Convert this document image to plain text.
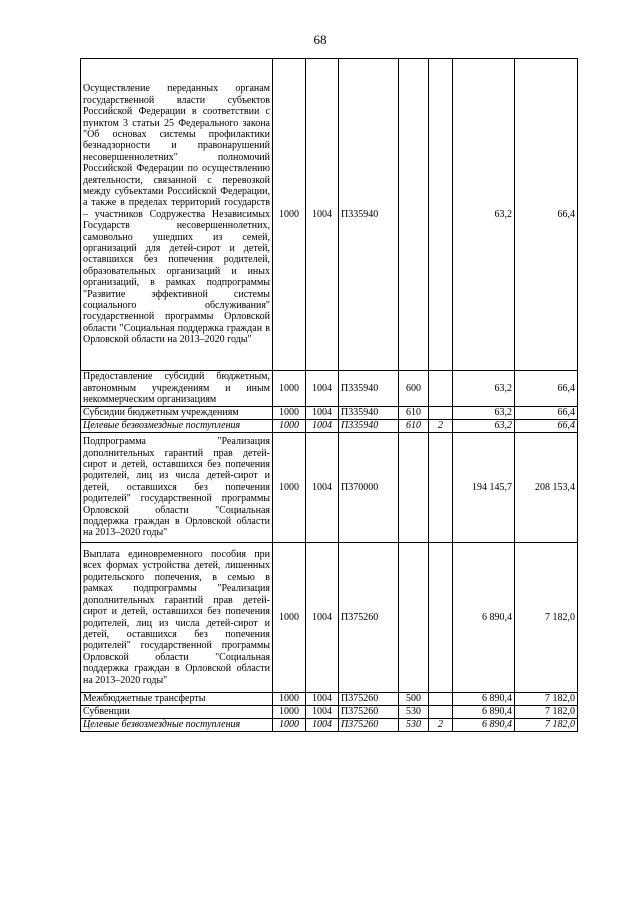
68
Осуществление переданных органам государственной власти субъектов Российской Федерации в соответствии с пунктом 3 статьи 25 Федерального закона "Об основах системы профилактики безнадзорности и правонарушений несовершеннолетних" полномочий Российской Федерации по осуществлению деятельности, связанной с перевозкой между субъектами Российской Федерации, а также в пределах территорий государств – участников Содружества Независимых Государств несовершеннолетних, самовольно ушедших из семей, организаций для детей-сирот и детей, оставшихся без попечения родителей, образовательных организаций и иных организаций, в рамках подпрограммы "Развитие эффективной системы социального обслуживания" государственной программы Орловской области "Социальная поддержка граждан в Орловской области на 2013–2020 годы"	1000	1004	П335940			63,2	66,4
Предоставление субсидий бюджетным, автономным учреждениям и иным некоммерческим организациям	1000	1004	П335940	600		63,2	66,4
Субсидии бюджетным учреждениям	1000	1004	П335940	610		63,2	66,4
Целевые безвозмездные поступления	1000	1004	П335940	610	2	63,2	66,4
Подпрограмма "Реализация дополнительных гарантий прав детей-сирот и детей, оставшихся без попечения родителей, лиц из числа детей-сирот и детей, оставшихся без попечения родителей" государственной программы Орловской области "Социальная поддержка граждан в Орловской области на 2013–2020 годы"	1000	1004	П370000			194 145,7	208 153,4
Выплата единовременного пособия при всех формах устройства детей, лишенных родительского попечения, в семью в рамках подпрограммы "Реализация дополнительных гарантий прав детей-сирот и детей, оставшихся без попечения родителей, лиц из числа детей-сирот и детей, оставшихся без попечения родителей" государственной программы Орловской области "Социальная поддержка граждан в Орловской области на 2013–2020 годы"	1000	1004	П375260			6 890,4	7 182,0
Межбюджетные трансферты	1000	1004	П375260	500		6 890,4	7 182,0
Субвенции	1000	1004	П375260	530		6 890,4	7 182,0
Целевые безвозмездные поступления	1000	1004	П375260	530	2	6 890,4	7 182,0
